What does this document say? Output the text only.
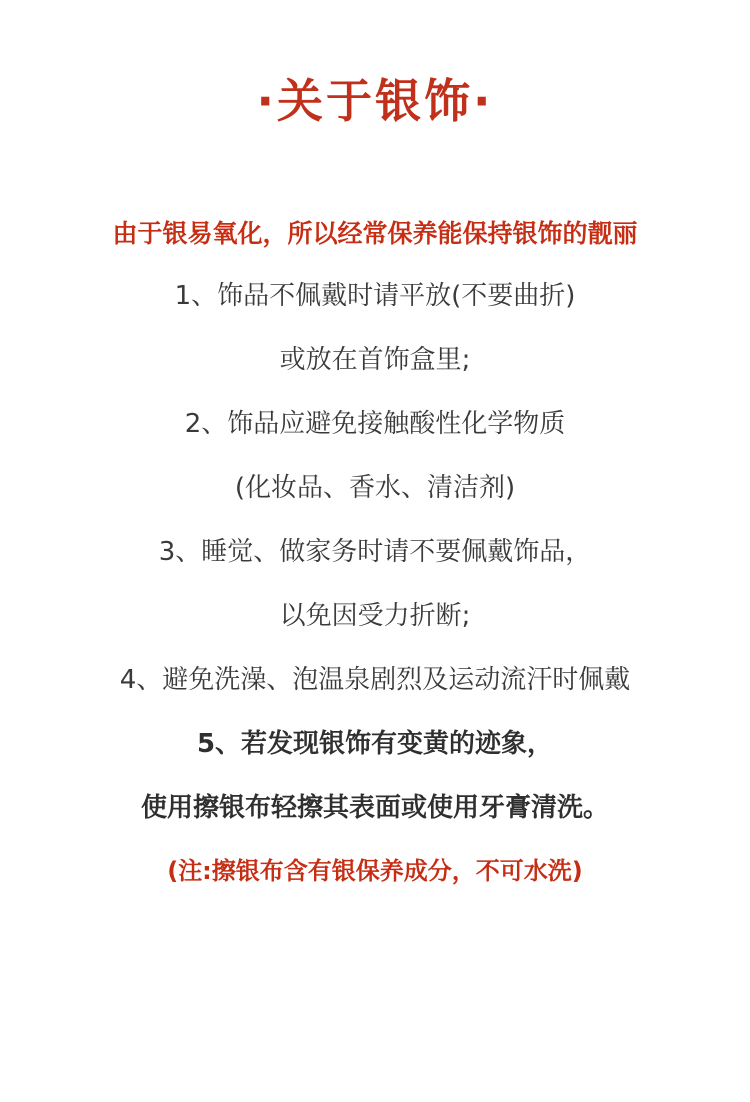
·关于银饰·
由于银易氧化，所以经常保养能保持银饰的靓丽
1、饰品不佩戴时请平放(不要曲折)
或放在首饰盒里;
2、饰品应避免接触酸性化学物质
(化妆品、香水、清洁剂)
3、睡觉、做家务时请不要佩戴饰品，
以免因受力折断;
4、避免洗澡、泡温泉剧烈及运动流汗时佩戴
5、若发现银饰有变黄的迹象，
使用擦银布轻擦其表面或使用牙膏清洗。
(注:擦银布含有银保养成分，不可水洗)
